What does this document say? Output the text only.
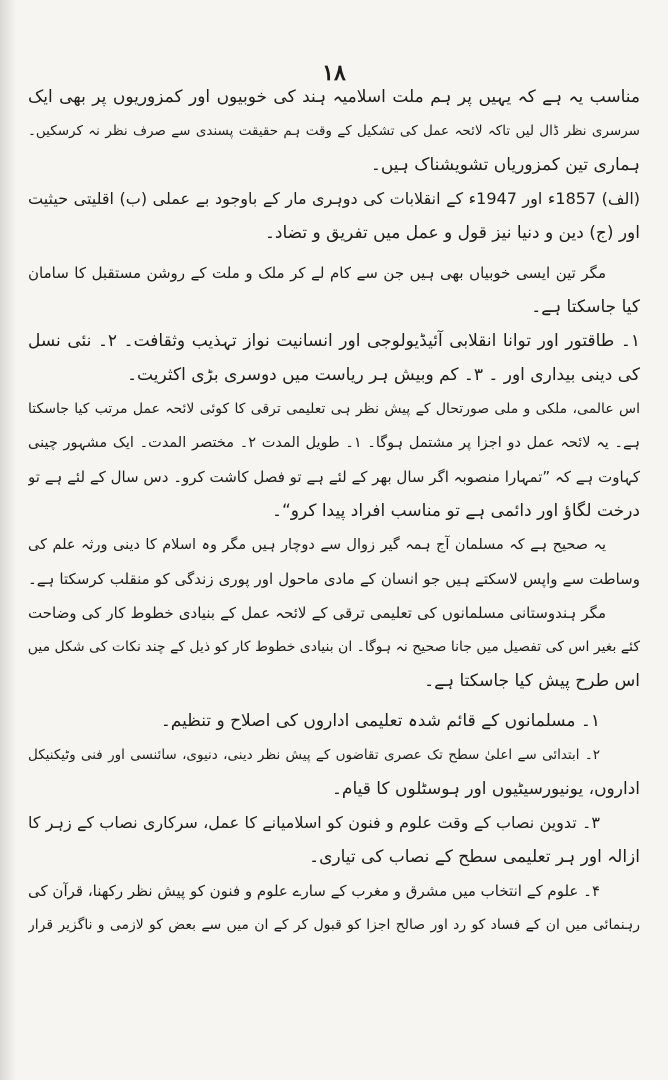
۱۸
مناسب یہ ہے کہ یہیں پر ہم ملت اسلامیہ ہند کی خوبیوں اور کمزوریوں پر بھی ایک
سرسری نظر ڈال لیں تاکہ لائحہ عمل کی تشکیل کے وقت ہم حقیقت پسندی سے صرف نظر نہ کرسکیں۔
ہماری تین کمزوریاں تشویشناک ہیں۔
(الف) 1857ء اور 1947ء کے انقلابات کی دوہری مار کے باوجود بے عملی (ب) اقلیتی حیثیت
اور (ج) دین و دنیا نیز قول و عمل میں تفریق و تضاد۔
مگر تین ایسی خوبیاں بھی ہیں جن سے کام لے کر ملک و ملت کے روشن مستقبل کا سامان
کیا جاسکتا ہے۔
۱۔ طاقتور اور توانا انقلابی آئیڈیولوجی اور انسانیت نواز تہذیب وثقافت۔ ۲۔ نئی نسل
کی دینی بیداری اور ۔ ۳۔ کم وبیش ہر ریاست میں دوسری بڑی اکثریت۔
اس عالمی، ملکی و ملی صورتحال کے پیش نظر ہی تعلیمی ترقی کا کوئی لائحہ عمل مرتب کیا جاسکتا
ہے۔ یہ لائحہ عمل دو اجزا پر مشتمل ہوگا۔ ۱۔ طویل المدت ۲۔ مختصر المدت۔ ایک مشہور چینی
کہاوت ہے کہ ”تمہارا منصوبہ اگر سال بھر کے لئے ہے تو فصل کاشت کرو۔ دس سال کے لئے ہے تو
درخت لگاؤ اور دائمی ہے تو مناسب افراد پیدا کرو“۔
یہ صحیح ہے کہ مسلمان آج ہمہ گیر زوال سے دوچار ہیں مگر وہ اسلام کا دینی ورثہ علم کی
وساطت سے واپس لاسکتے ہیں جو انسان کے مادی ماحول اور پوری زندگی کو منقلب کرسکتا ہے۔
مگر ہندوستانی مسلمانوں کی تعلیمی ترقی کے لائحہ عمل کے بنیادی خطوط کار کی وضاحت
کئے بغیر اس کی تفصیل میں جانا صحیح نہ ہوگا۔ ان بنیادی خطوط کار کو ذیل کے چند نکات کی شکل میں
اس طرح پیش کیا جاسکتا ہے۔
۱۔ مسلمانوں کے قائم شدہ تعلیمی اداروں کی اصلاح و تنظیم۔
۲۔ ابتدائی سے اعلیٰ سطح تک عصری تقاضوں کے پیش نظر دینی، دنیوی، سائنسی اور فنی وٹیکنیکل
اداروں، یونیورسیٹیوں اور ہوسٹلوں کا قیام۔
۳۔ تدوین نصاب کے وقت علوم و فنون کو اسلامیانے کا عمل، سرکاری نصاب کے زہر کا
ازالہ اور ہر تعلیمی سطح کے نصاب کی تیاری۔
۴۔ علوم کے انتخاب میں مشرق و مغرب کے سارے علوم و فنون کو پیش نظر رکھنا، قرآن کی
رہنمائی میں ان کے فساد کو رد اور صالح اجزا کو قبول کر کے ان میں سے بعض کو لازمی و ناگزیر قرار
